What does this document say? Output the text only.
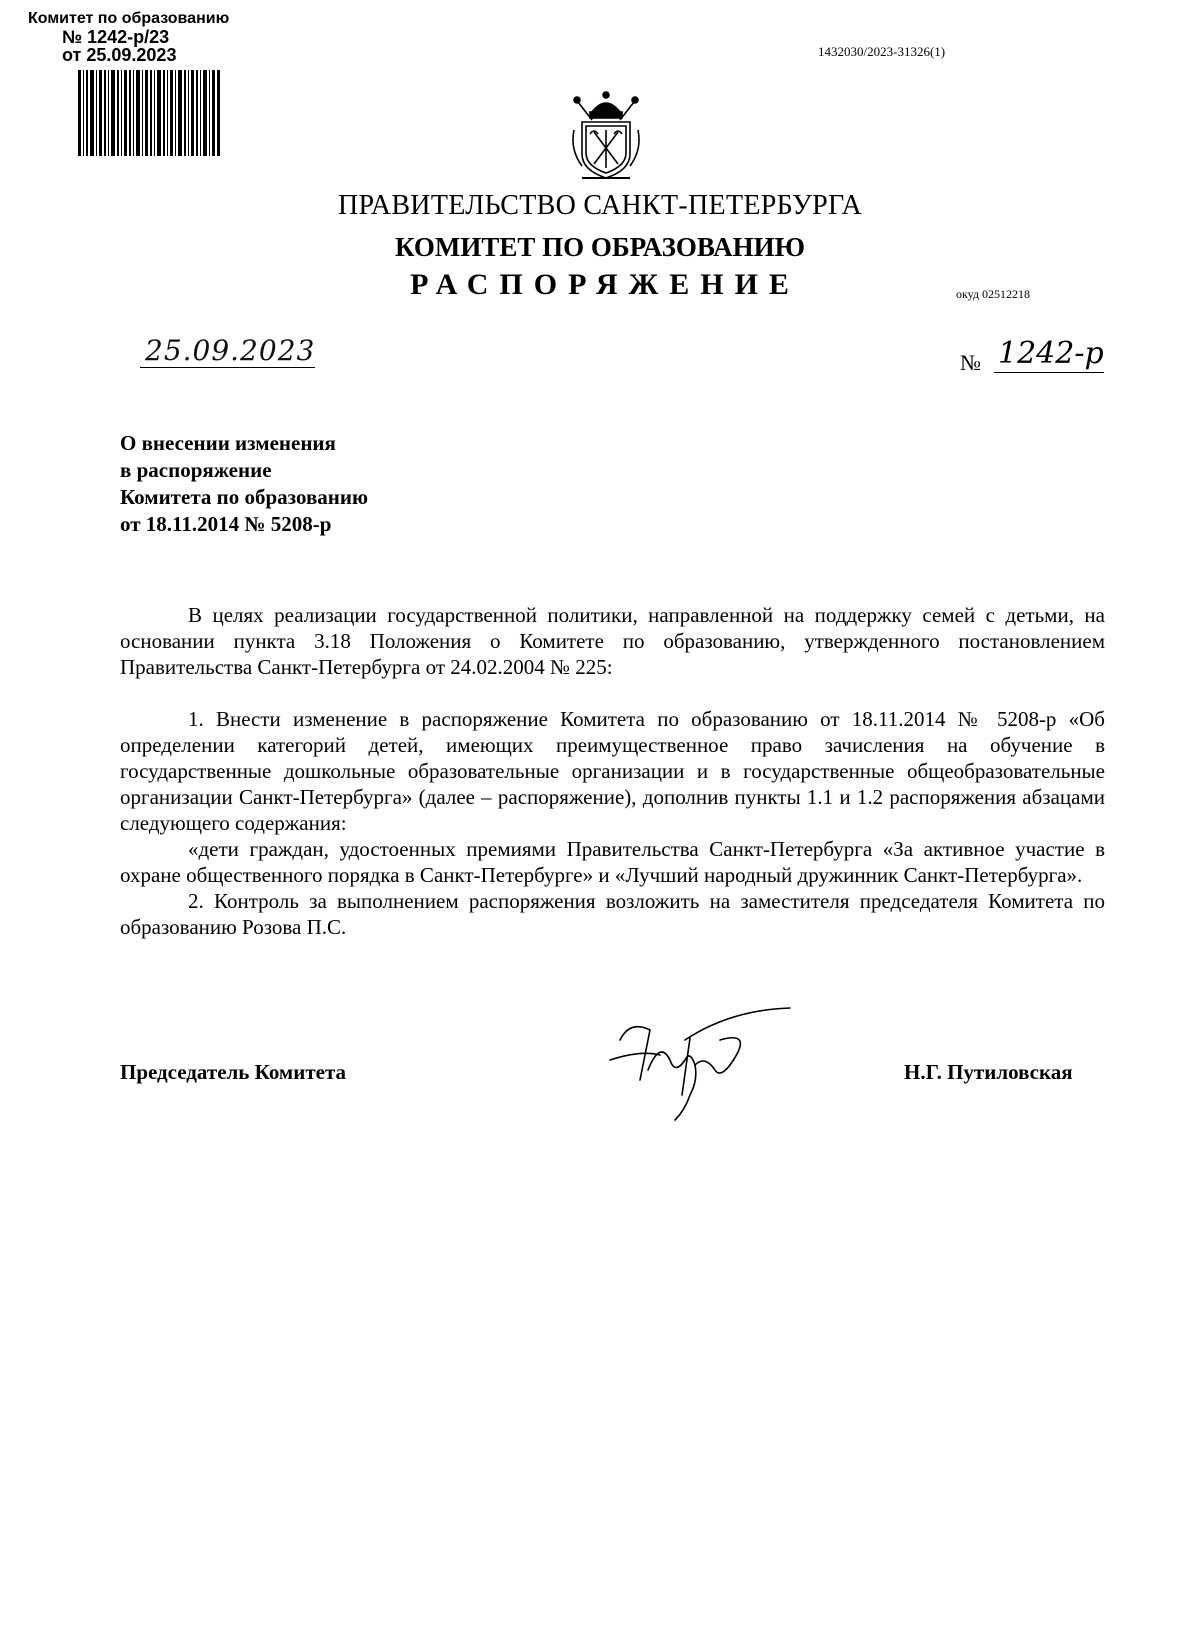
Комитет по образованию
№ 1242-р/23
от 25.09.2023	1432030/2023-31326(1)
ПРАВИТЕЛЬСТВО САНКТ-ПЕТЕРБУРГА
КОМИТЕТ ПО ОБРАЗОВАНИЮ
РАСПОРЯЖЕНИЕ	окуд 02512218
25.09.2023	№ 1242-р
О внесении изменения
в распоряжение
Комитета по образованию
от 18.11.2014 № 5208-р

В целях реализации государственной политики, направленной на поддержку семей с детьми, на основании пункта 3.18 Положения о Комитете по образованию, утвержденного постановлением Правительства Санкт-Петербурга от 24.02.2004 № 225:

1. Внести изменение в распоряжение Комитета по образованию от 18.11.2014 № 5208-р «Об определении категорий детей, имеющих преимущественное право зачисления на обучение в государственные дошкольные образовательные организации и в государственные общеобразовательные организации Санкт-Петербурга» (далее – распоряжение), дополнив пункты 1.1 и 1.2 распоряжения абзацами следующего содержания:

«дети граждан, удостоенных премиями Правительства Санкт-Петербурга «За активное участие в охране общественного порядка в Санкт-Петербурге» и «Лучший народный дружинник Санкт-Петербурга».

2. Контроль за выполнением распоряжения возложить на заместителя председателя Комитета по образованию Розова П.С.

Председатель Комитета	Н.Г. Путиловская
